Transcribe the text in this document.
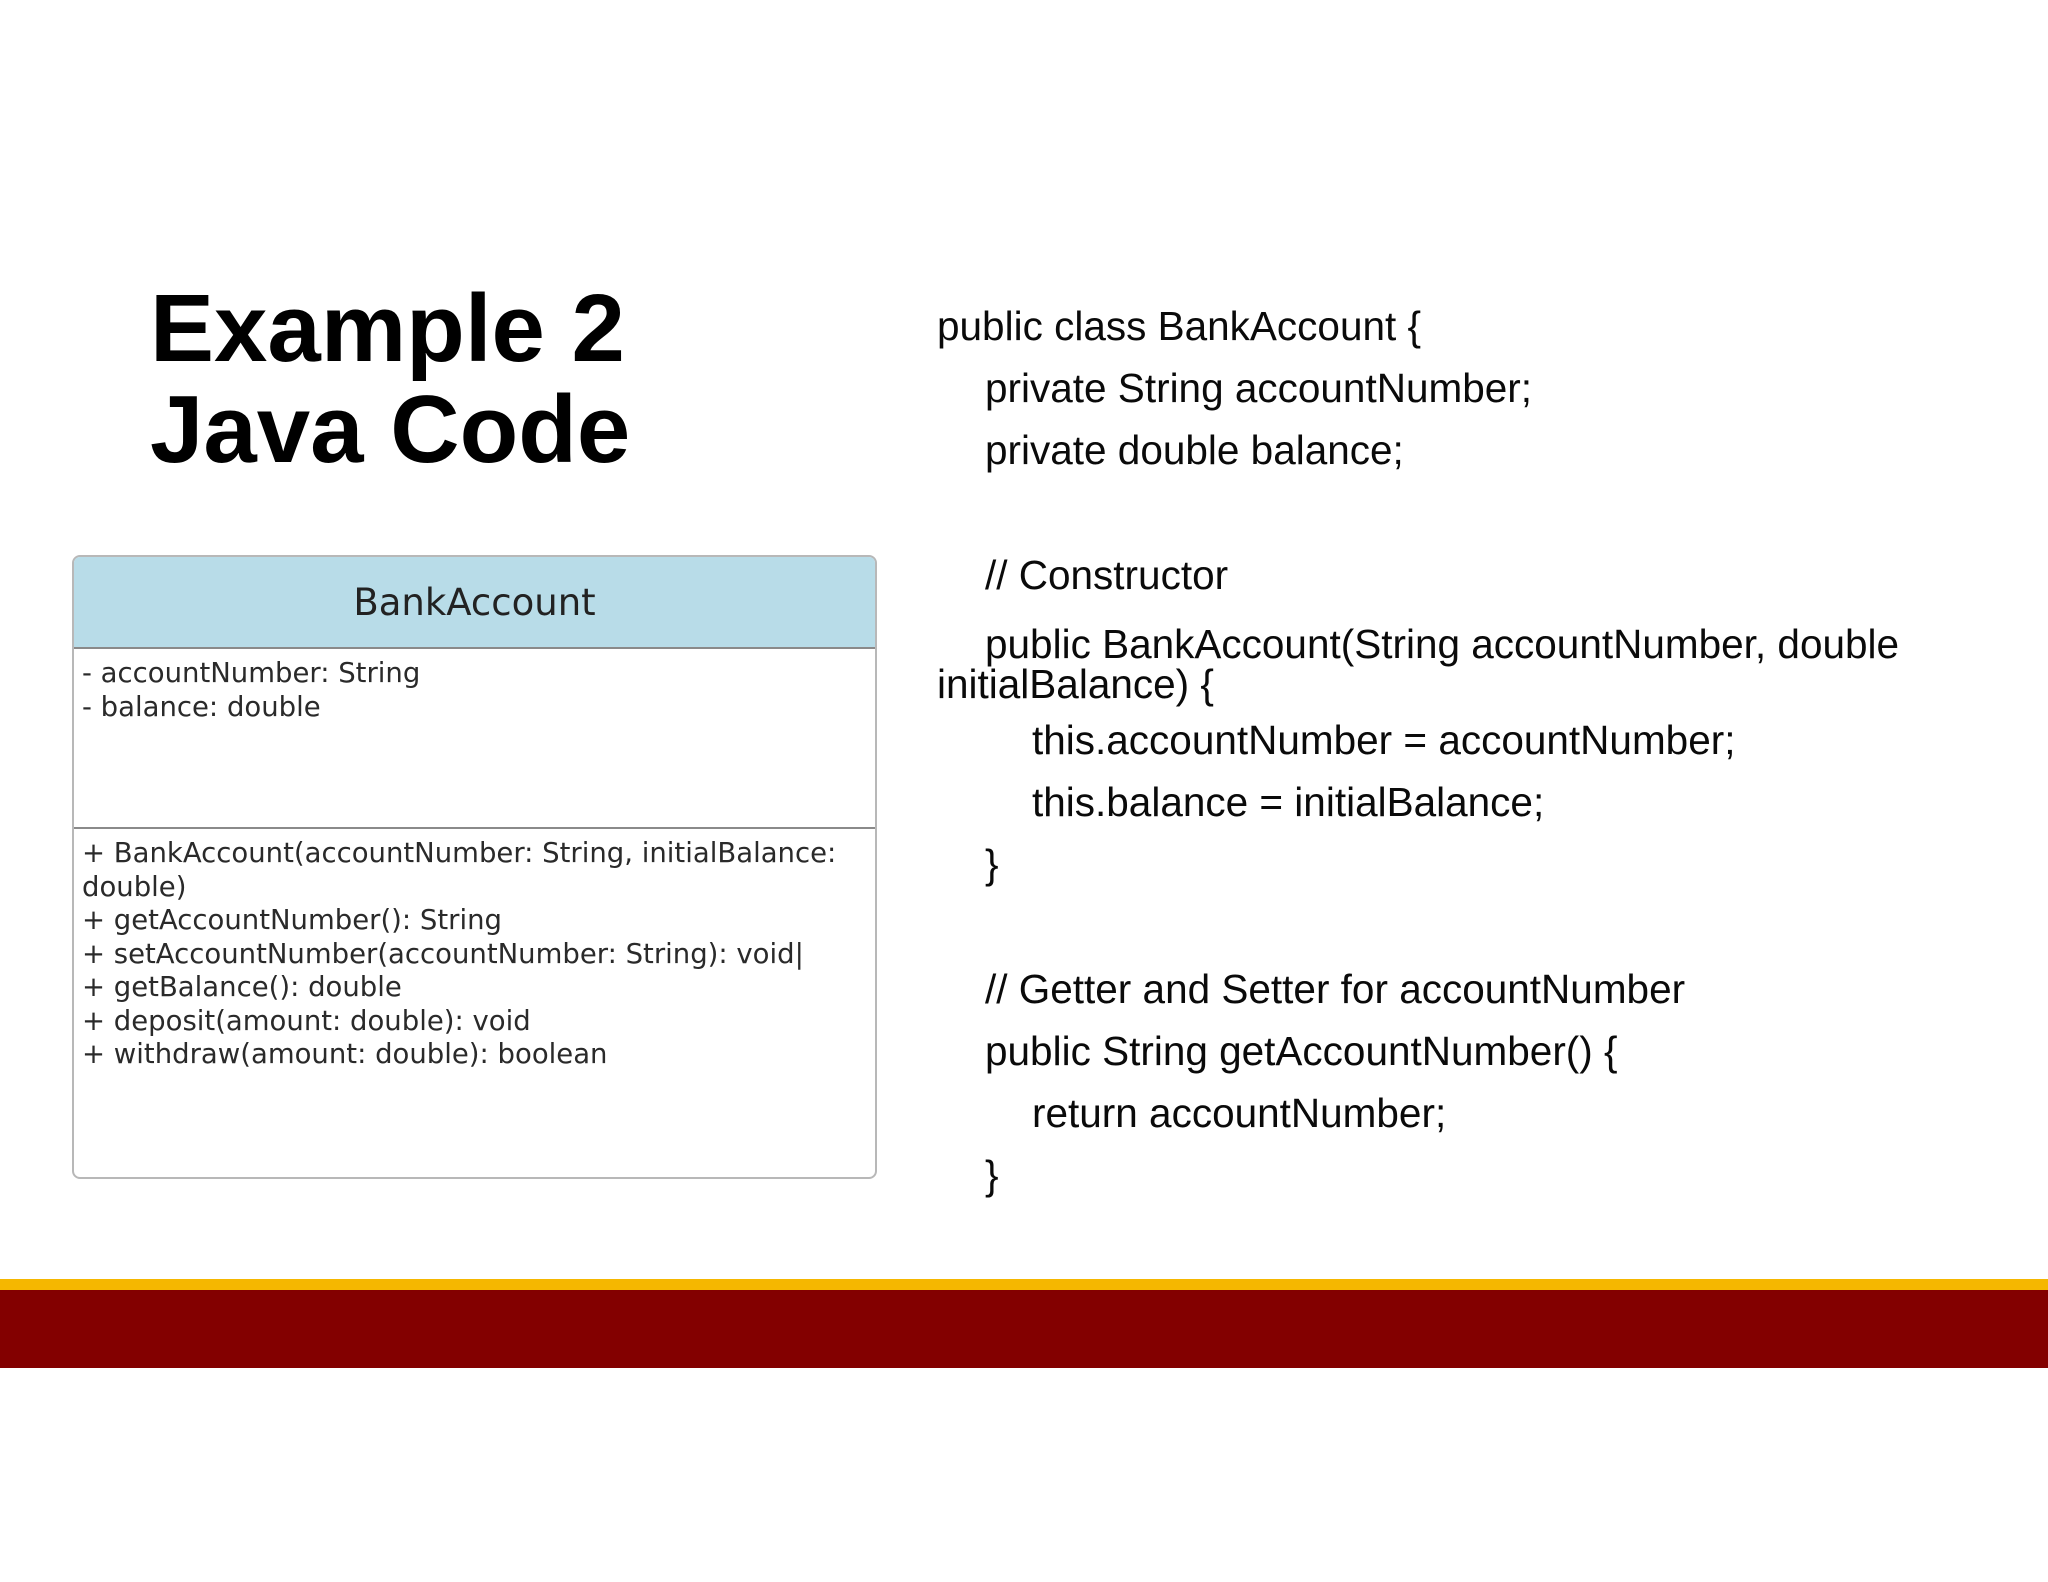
Example 2
Java Code
BankAccount

- accountNumber: String

- balance: double

+ BankAccount(accountNumber: String, initialBalance:

double)

+ getAccountNumber(): String

+ setAccountNumber(accountNumber: String): void|

+ getBalance(): double

+ deposit(amount: double): void

+ withdraw(amount: double): boolean

public class BankAccount {
private String accountNumber;
private double balance;
// Constructor
public BankAccount(String accountNumber, double
initialBalance) {
this.accountNumber = accountNumber;
this.balance = initialBalance;
}
// Getter and Setter for accountNumber
public String getAccountNumber() {
return accountNumber;
}
